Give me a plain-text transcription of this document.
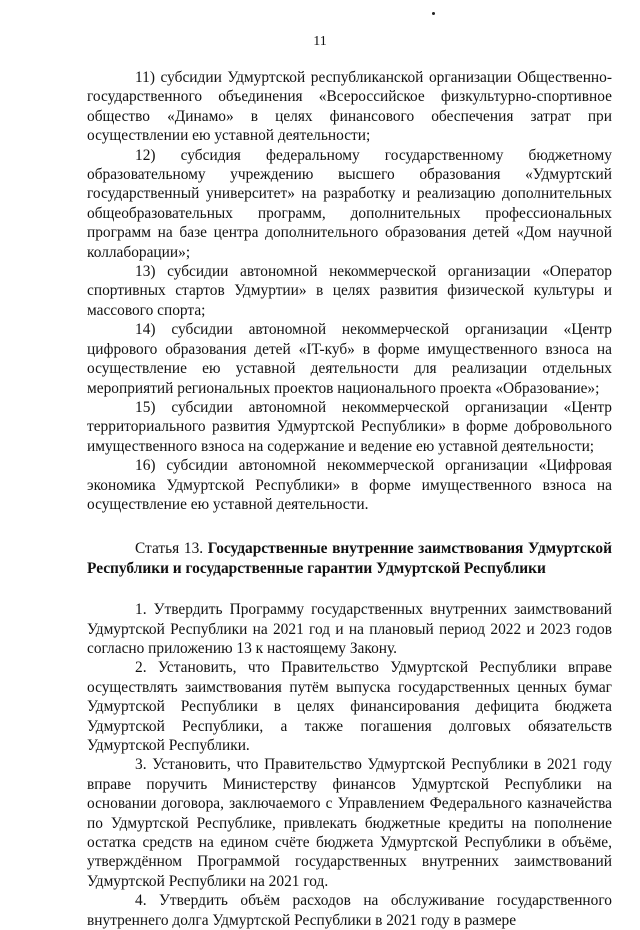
11

11) субсидии Удмуртской республиканской организации Общественно-государственного объединения «Всероссийское физкультурно-спортивное общество «Динамо» в целях финансового обеспечения затрат при осуществлении ею уставной деятельности;

12) субсидия федеральному государственному бюджетному образовательному учреждению высшего образования «Удмуртский государственный университет» на разработку и реализацию дополнительных общеобразовательных программ, дополнительных профессиональных программ на базе центра дополнительного образования детей «Дом научной коллаборации»;

13) субсидии автономной некоммерческой организации «Оператор спортивных стартов Удмуртии» в целях развития физической культуры и массового спорта;

14) субсидии автономной некоммерческой организации «Центр цифрового образования детей «IT-куб» в форме имущественного взноса на осуществление ею уставной деятельности для реализации отдельных мероприятий региональных проектов национального проекта «Образование»;

15) субсидии автономной некоммерческой организации «Центр территориального развития Удмуртской Республики» в форме добровольного имущественного взноса на содержание и ведение ею уставной деятельности;

16) субсидии автономной некоммерческой организации «Цифровая экономика Удмуртской Республики» в форме имущественного взноса на осуществление ею уставной деятельности.

Статья 13. Государственные внутренние заимствования Удмуртской Республики и государственные гарантии Удмуртской Республики

1. Утвердить Программу государственных внутренних заимствований Удмуртской Республики на 2021 год и на плановый период 2022 и 2023 годов согласно приложению 13 к настоящему Закону.

2. Установить, что Правительство Удмуртской Республики вправе осуществлять заимствования путём выпуска государственных ценных бумаг Удмуртской Республики в целях финансирования дефицита бюджета Удмуртской Республики, а также погашения долговых обязательств Удмуртской Республики.

3. Установить, что Правительство Удмуртской Республики в 2021 году вправе поручить Министерству финансов Удмуртской Республики на основании договора, заключаемого с Управлением Федерального казначейства по Удмуртской Республике, привлекать бюджетные кредиты на пополнение остатка средств на едином счёте бюджета Удмуртской Республики в объёме, утверждённом Программой государственных внутренних заимствований Удмуртской Республики на 2021 год.

4. Утвердить объём расходов на обслуживание государственного внутреннего долга Удмуртской Республики в 2021 году в размере
